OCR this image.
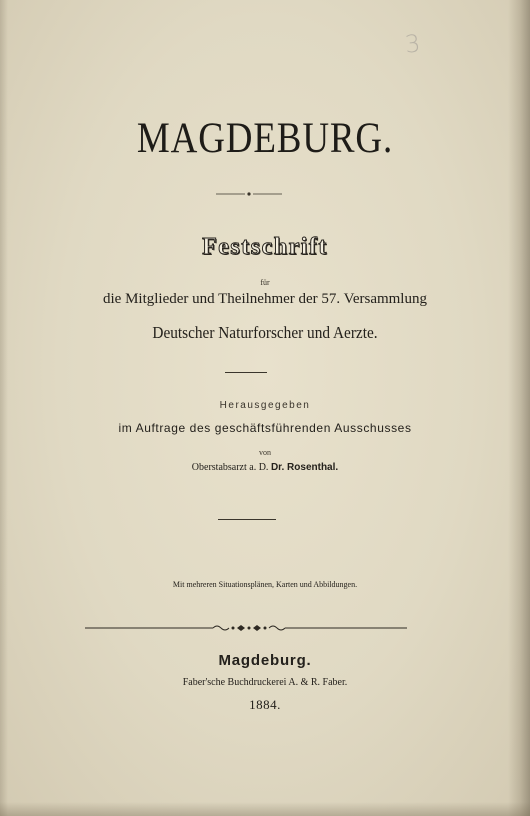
3
MAGDEBURG.
Festschrift
für
die Mitglieder und Theilnehmer der 57. Versammlung
Deutscher Naturforscher und Aerzte.
Herausgegeben
im Auftrage des geschäftsführenden Ausschusses
von
Oberstabsarzt a. D. Dr. Rosenthal.
Mit mehreren Situationsplänen, Karten und Abbildungen.
Magdeburg.
Faber'sche Buchdruckerei A. & R. Faber.
1884.
